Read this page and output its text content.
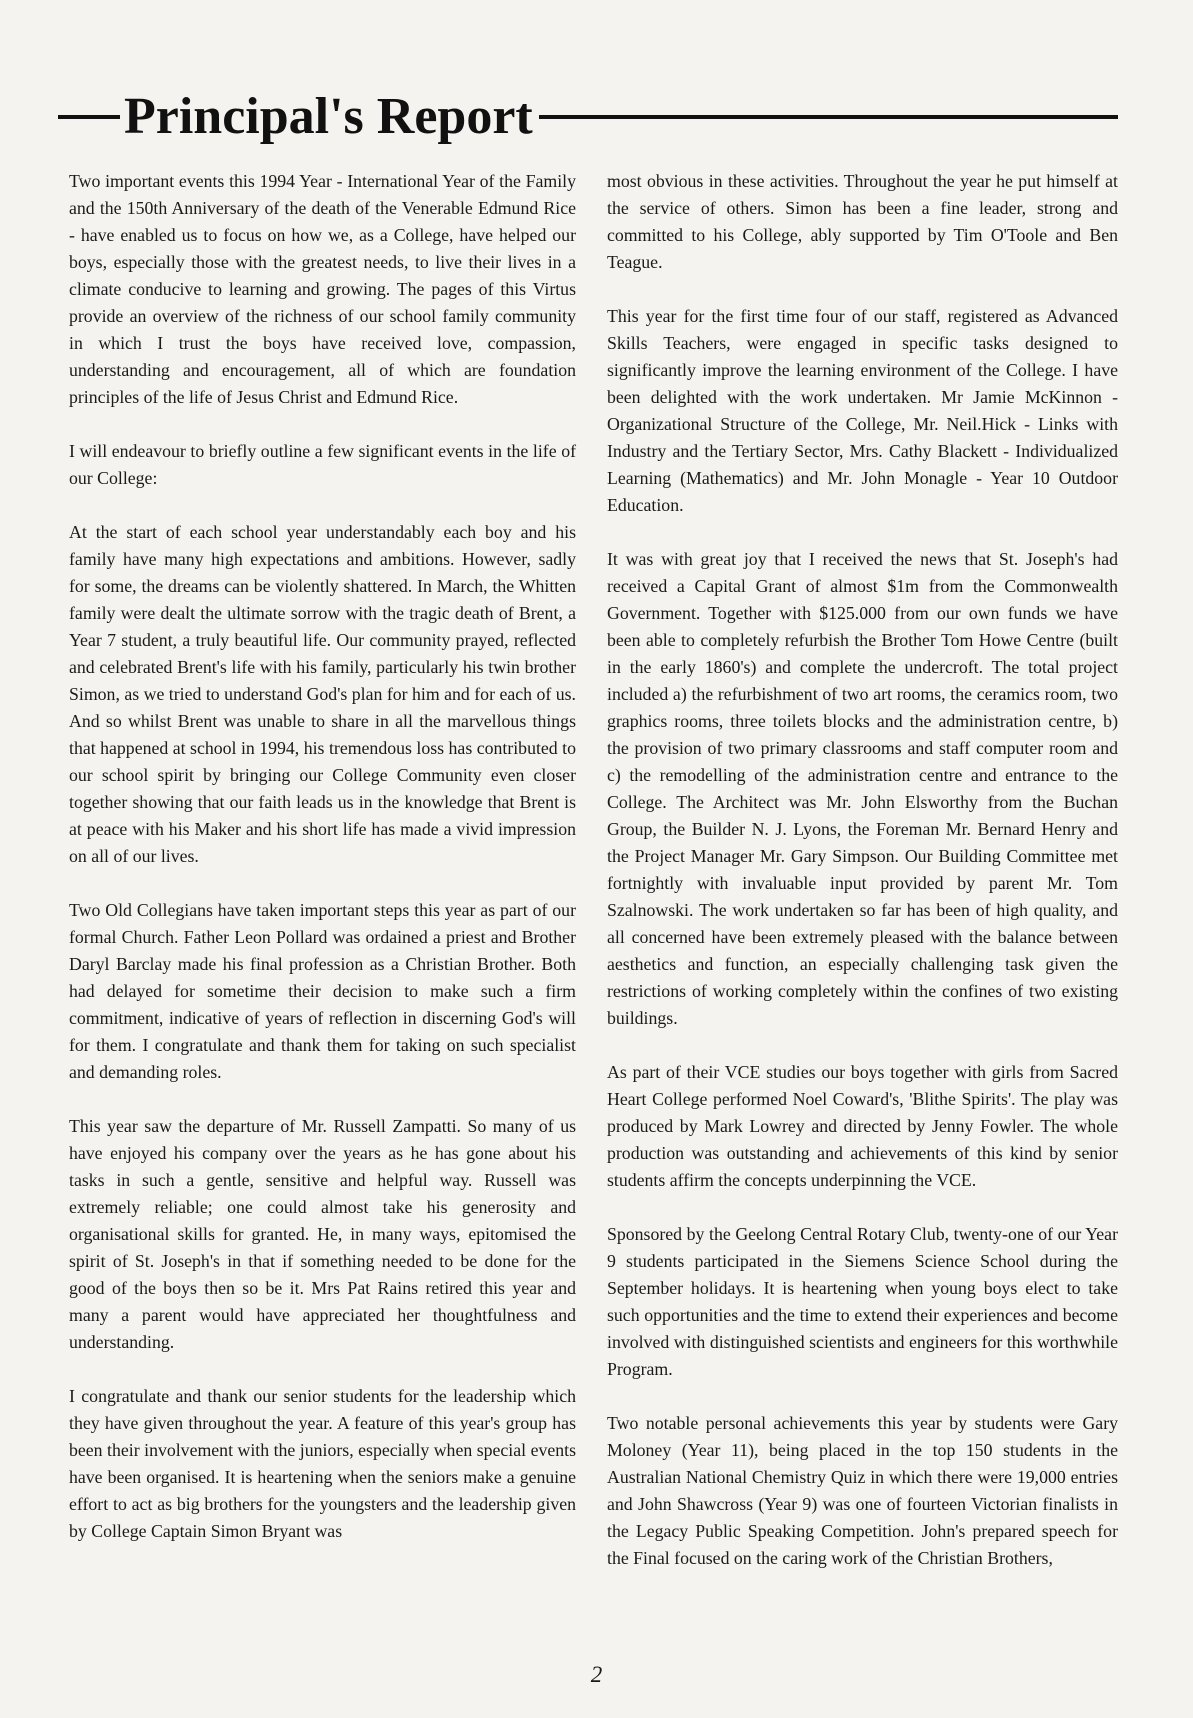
Principal's Report

Two important events this 1994 Year - International Year of the Family and the 150th Anniversary of the death of the Venerable Edmund Rice - have enabled us to focus on how we, as a College, have helped our boys, especially those with the greatest needs, to live their lives in a climate conducive to learning and growing. The pages of this Virtus provide an overview of the richness of our school family community in which I trust the boys have received love, compassion, understanding and encouragement, all of which are foundation principles of the life of Jesus Christ and Edmund Rice.

I will endeavour to briefly outline a few significant events in the life of our College:

At the start of each school year understandably each boy and his family have many high expectations and ambitions. However, sadly for some, the dreams can be violently shattered. In March, the Whitten family were dealt the ultimate sorrow with the tragic death of Brent, a Year 7 student, a truly beautiful life. Our community prayed, reflected and celebrated Brent's life with his family, particularly his twin brother Simon, as we tried to understand God's plan for him and for each of us. And so whilst Brent was unable to share in all the marvellous things that happened at school in 1994, his tremendous loss has contributed to our school spirit by bringing our College Community even closer together showing that our faith leads us in the knowledge that Brent is at peace with his Maker and his short life has made a vivid impression on all of our lives.

Two Old Collegians have taken important steps this year as part of our formal Church. Father Leon Pollard was ordained a priest and Brother Daryl Barclay made his final profession as a Christian Brother. Both had delayed for sometime their decision to make such a firm commitment, indicative of years of reflection in discerning God's will for them. I congratulate and thank them for taking on such specialist and demanding roles.

This year saw the departure of Mr. Russell Zampatti. So many of us have enjoyed his company over the years as he has gone about his tasks in such a gentle, sensitive and helpful way. Russell was extremely reliable; one could almost take his generosity and organisational skills for granted. He, in many ways, epitomised the spirit of St. Joseph's in that if something needed to be done for the good of the boys then so be it. Mrs Pat Rains retired this year and many a parent would have appreciated her thoughtfulness and understanding.

I congratulate and thank our senior students for the leadership which they have given throughout the year. A feature of this year's group has been their involvement with the juniors, especially when special events have been organised. It is heartening when the seniors make a genuine effort to act as big brothers for the youngsters and the leadership given by College Captain Simon Bryant was

most obvious in these activities. Throughout the year he put himself at the service of others. Simon has been a fine leader, strong and committed to his College, ably supported by Tim O'Toole and Ben Teague.

This year for the first time four of our staff, registered as Advanced Skills Teachers, were engaged in specific tasks designed to significantly improve the learning environment of the College. I have been delighted with the work undertaken. Mr Jamie McKinnon - Organizational Structure of the College, Mr. Neil.Hick - Links with Industry and the Tertiary Sector, Mrs. Cathy Blackett - Individualized Learning (Mathematics) and Mr. John Monagle - Year 10 Outdoor Education.

It was with great joy that I received the news that St. Joseph's had received a Capital Grant of almost $1m from the Commonwealth Government. Together with $125.000 from our own funds we have been able to completely refurbish the Brother Tom Howe Centre (built in the early 1860's) and complete the undercroft. The total project included a) the refurbishment of two art rooms, the ceramics room, two graphics rooms, three toilets blocks and the administration centre, b) the provision of two primary classrooms and staff computer room and c) the remodelling of the administration centre and entrance to the College. The Architect was Mr. John Elsworthy from the Buchan Group, the Builder N. J. Lyons, the Foreman Mr. Bernard Henry and the Project Manager Mr. Gary Simpson. Our Building Committee met fortnightly with invaluable input provided by parent Mr. Tom Szalnowski. The work undertaken so far has been of high quality, and all concerned have been extremely pleased with the balance between aesthetics and function, an especially challenging task given the restrictions of working completely within the confines of two existing buildings.

As part of their VCE studies our boys together with girls from Sacred Heart College performed Noel Coward's, 'Blithe Spirits'. The play was produced by Mark Lowrey and directed by Jenny Fowler. The whole production was outstanding and achievements of this kind by senior students affirm the concepts underpinning the VCE.

Sponsored by the Geelong Central Rotary Club, twenty-one of our Year 9 students participated in the Siemens Science School during the September holidays. It is heartening when young boys elect to take such opportunities and the time to extend their experiences and become involved with distinguished scientists and engineers for this worthwhile Program.

Two notable personal achievements this year by students were Gary Moloney (Year 11), being placed in the top 150 students in the Australian National Chemistry Quiz in which there were 19,000 entries and John Shawcross (Year 9) was one of fourteen Victorian finalists in the Legacy Public Speaking Competition. John's prepared speech for the Final focused on the caring work of the Christian Brothers,

2
